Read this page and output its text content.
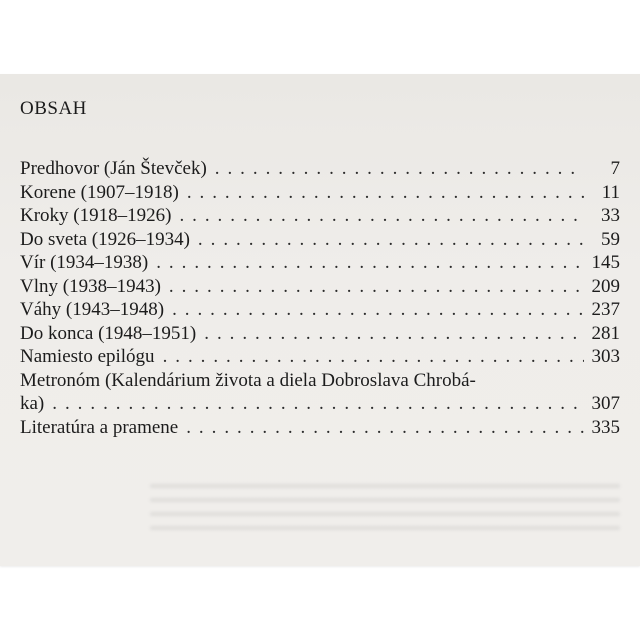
OBSAH
Predhovor (Ján Števček) . . .	7
Korene (1907–1918) . . .	11
Kroky (1918–1926) . . .	33
Do sveta (1926–1934) . . .	59
Vír (1934–1938) . . .	145
Vlny (1938–1943) . . .	209
Váhy (1943–1948) . . .	237
Do konca (1948–1951) . . .	281
Namiesto epilógu . . .	303
Metronóm (Kalendárium života a diela Dobroslava Chrobá-
ka) . . .	307
Literatúra a pramene . . .	335
